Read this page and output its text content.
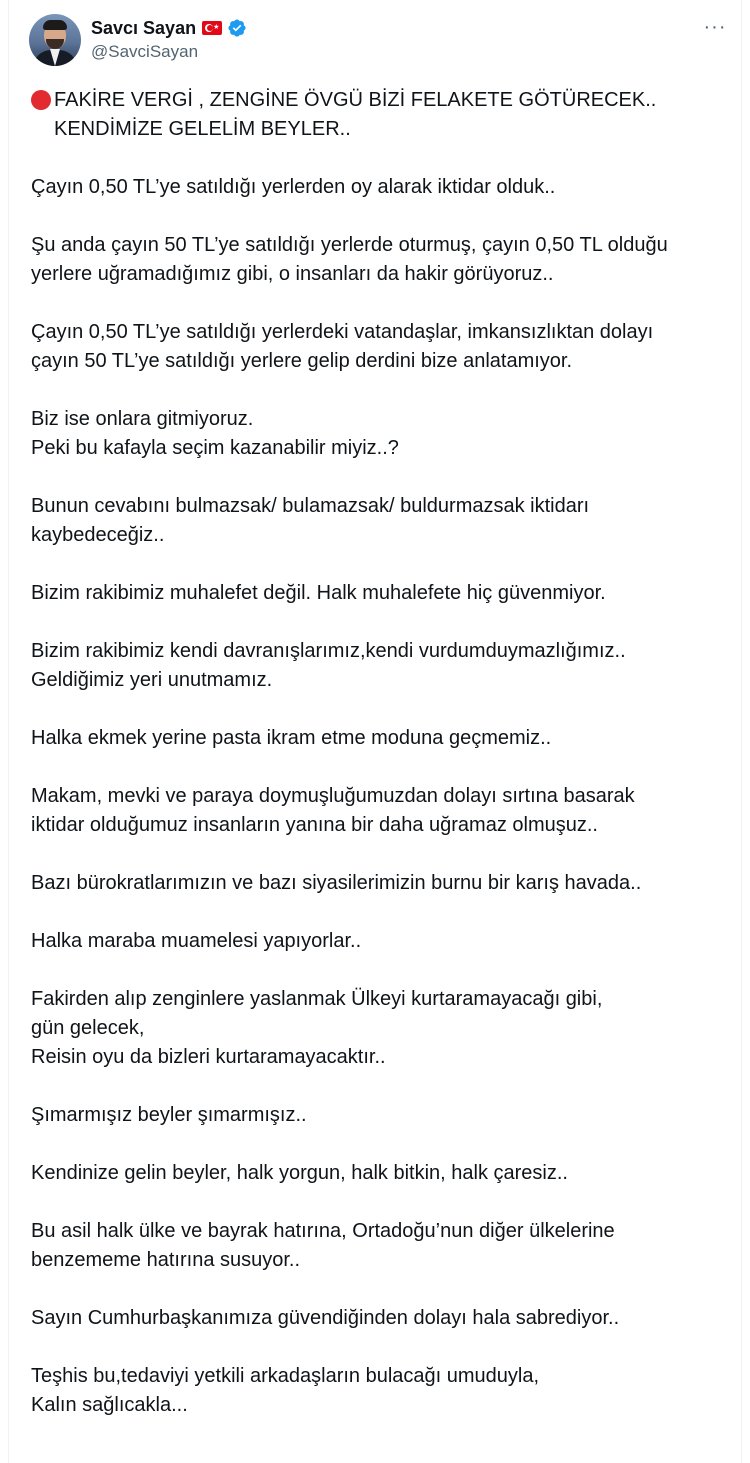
Savcı Sayan ★
@SavciSayan
···
FAKİRE VERGİ , ZENGİNE ÖVGÜ BİZİ FELAKETE GÖTÜRECEK..
KENDİMİZE GELELİM BEYLER..
Çayın 0,50 TL’ye satıldığı yerlerden oy alarak iktidar olduk..
Şu anda çayın 50 TL’ye satıldığı yerlerde oturmuş, çayın 0,50 TL olduğu
yerlere uğramadığımız gibi, o insanları da hakir görüyoruz..
Çayın 0,50 TL’ye satıldığı yerlerdeki vatandaşlar, imkansızlıktan dolayı
çayın 50 TL’ye satıldığı yerlere gelip derdini bize anlatamıyor.
Biz ise onlara gitmiyoruz.
Peki bu kafayla seçim kazanabilir miyiz..?
Bunun cevabını bulmazsak/ bulamazsak/ buldurmazsak iktidarı
kaybedeceğiz..
Bizim rakibimiz muhalefet değil. Halk muhalefete hiç güvenmiyor.
Bizim rakibimiz kendi davranışlarımız,kendi vurdumduymazlığımız..
Geldiğimiz yeri unutmamız.
Halka ekmek yerine pasta ikram etme moduna geçmemiz..
Makam, mevki ve paraya doymuşluğumuzdan dolayı sırtına basarak
iktidar olduğumuz insanların yanına bir daha uğramaz olmuşuz..
Bazı bürokratlarımızın ve bazı siyasilerimizin burnu bir karış havada..
Halka maraba muamelesi yapıyorlar..
Fakirden alıp zenginlere yaslanmak Ülkeyi kurtaramayacağı gibi,
gün gelecek,
Reisin oyu da bizleri kurtaramayacaktır..
Şımarmışız beyler şımarmışız..
Kendinize gelin beyler, halk yorgun, halk bitkin, halk çaresiz..
Bu asil halk ülke ve bayrak hatırına, Ortadoğu’nun diğer ülkelerine
benzememe hatırına susuyor..
Sayın Cumhurbaşkanımıza güvendiğinden dolayı hala sabrediyor..
Teşhis bu,tedaviyi yetkili arkadaşların bulacağı umuduyla,
Kalın sağlıcakla...
